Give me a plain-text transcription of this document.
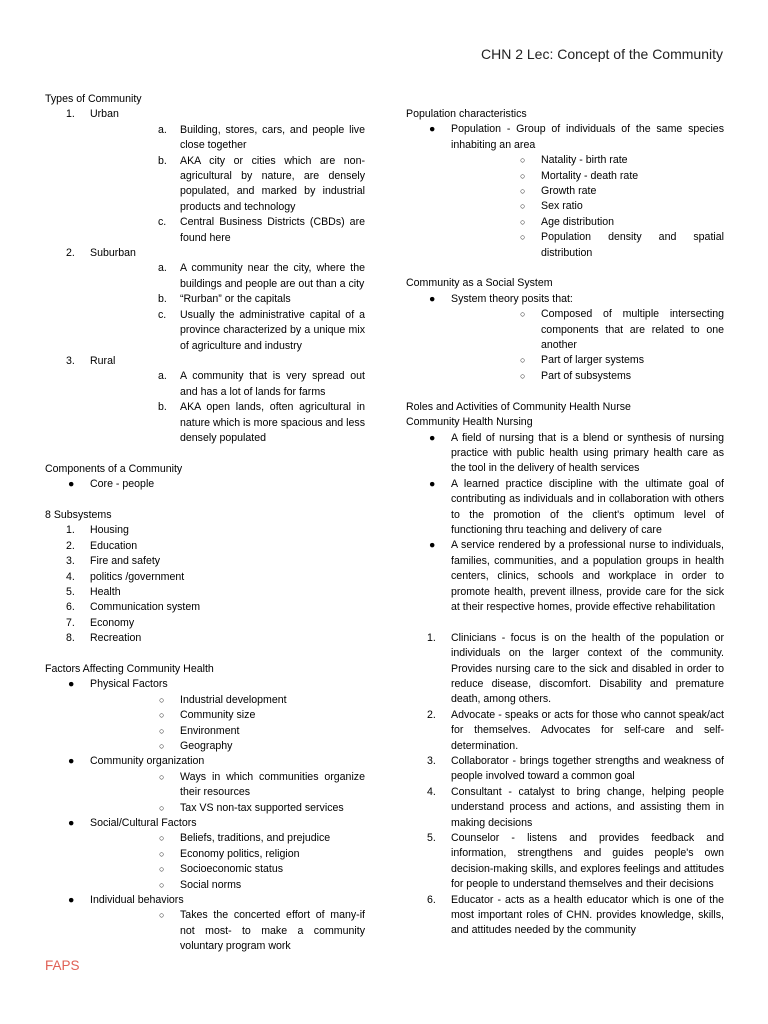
CHN 2 Lec: Concept of the Community
Types of Community
1. Urban
a. Building, stores, cars, and people live close together
b. AKA city or cities which are non-agricultural by nature, are densely populated, and marked by industrial products and technology
c. Central Business Districts (CBDs) are found here
2. Suburban
a. A community near the city, where the buildings and people are out than a city
b. “Rurban” or the capitals
c. Usually the administrative capital of a province characterized by a unique mix of agriculture and industry
3. Rural
a. A community that is very spread out and has a lot of lands for farms
b. AKA open lands, often agricultural in nature which is more spacious and less densely populated
Components of a Community
● Core - people
8 Subsystems
1. Housing
2. Education
3. Fire and safety
4. politics /government
5. Health
6. Communication system
7. Economy
8. Recreation
Factors Affecting Community Health
● Physical Factors
○ Industrial development
○ Community size
○ Environment
○ Geography
● Community organization
○ Ways in which communities organize their resources
○ Tax VS non-tax supported services
● Social/Cultural Factors
○ Beliefs, traditions, and prejudice
○ Economy politics, religion
○ Socioeconomic status
○ Social norms
● Individual behaviors
○ Takes the concerted effort of many-if not most- to make a community voluntary program work
Population characteristics
● Population - Group of individuals of the same species inhabiting an area
○ Natality - birth rate
○ Mortality - death rate
○ Growth rate
○ Sex ratio
○ Age distribution
○ Population density and spatial distribution
Community as a Social System
● System theory posits that:
○ Composed of multiple intersecting components that are related to one another
○ Part of larger systems
○ Part of subsystems
Roles and Activities of Community Health Nurse
Community Health Nursing
● A field of nursing that is a blend or synthesis of nursing practice with public health using primary health care as the tool in the delivery of health services
● A learned practice discipline with the ultimate goal of contributing as individuals and in collaboration with others to the promotion of the client's optimum level of functioning thru teaching and delivery of care
● A service rendered by a professional nurse to individuals, families, communities, and a population groups in health centers, clinics, schools and workplace in order to promote health, prevent illness, provide care for the sick at their respective homes, provide effective rehabilitation
1. Clinicians - focus is on the health of the population or individuals on the larger context of the community. Provides nursing care to the sick and disabled in order to reduce disease, discomfort. Disability and premature death, among others.
2. Advocate - speaks or acts for those who cannot speak/act for themselves. Advocates for self-care and self-determination.
3. Collaborator - brings together strengths and weakness of people involved toward a common goal
4. Consultant - catalyst to bring change, helping people understand process and actions, and assisting them in making decisions
5. Counselor - listens and provides feedback and information, strengthens and guides people's own decision-making skills, and explores feelings and attitudes for people to understand themselves and their decisions
6. Educator - acts as a health educator which is one of the most important roles of CHN. provides knowledge, skills, and attitudes needed by the community
FAPS
